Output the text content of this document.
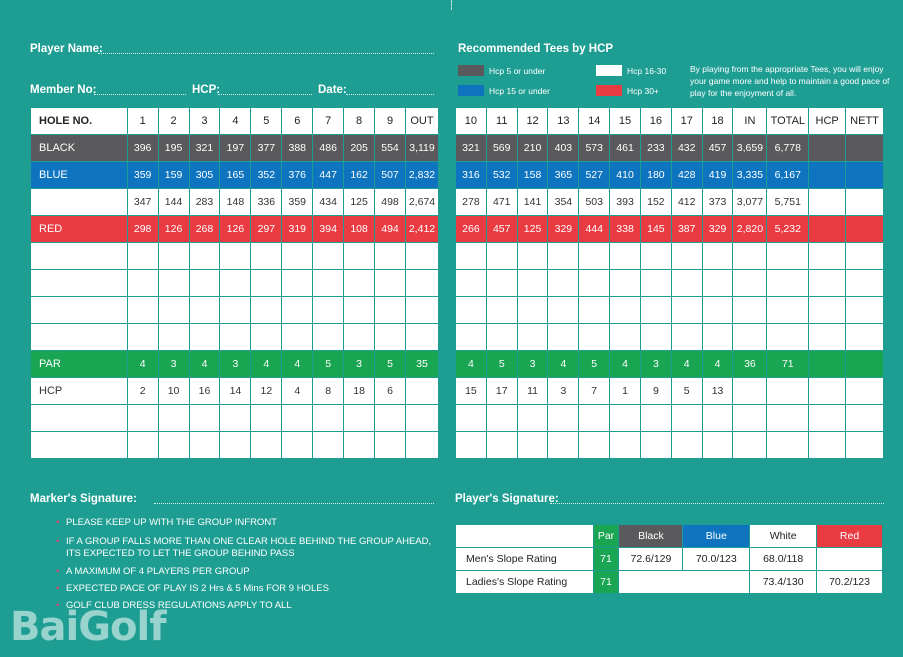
Player Name:
Member No:	HCP:	Date:
Recommended Tees by HCP
Hcp 5 or under	Hcp 16-30
Hcp 15 or under	Hcp 30+
By playing from the appropriate Tees, you will enjoy your game more and help to maintain a good pace of play for the enjoyment of all.
HOLE NO.	1	2	3	4	5	6	7	8	9	OUT
BLACK	396	195	321	197	377	388	486	205	554	3,119
BLUE	359	159	305	165	352	376	447	162	507	2,832
	347	144	283	148	336	359	434	125	498	2,674
RED	298	126	268	126	297	319	394	108	494	2,412

PAR	4	3	4	3	4	4	5	3	5	35
HCP	2	10	16	14	12	4	8	18	6	

10	11	12	13	14	15	16	17	18	IN	TOTAL	HCP	NETT
321	569	210	403	573	461	233	432	457	3,659	6,778		
316	532	158	365	527	410	180	428	419	3,335	6,167		
278	471	141	354	503	393	152	412	373	3,077	5,751		
266	457	125	329	444	338	145	387	329	2,820	5,232		

4	5	3	4	5	4	3	4	4	36	71		
15	17	11	3	7	1	9	5	13				

Marker's Signature:	Player's Signature:
• PLEASE KEEP UP WITH THE GROUP INFRONT
• IF A GROUP FALLS MORE THAN ONE CLEAR HOLE BEHIND THE GROUP AHEAD, ITS EXPECTED TO LET THE GROUP BEHIND PASS
• A MAXIMUM OF 4 PLAYERS PER GROUP
• EXPECTED PACE OF PLAY IS 2 Hrs & 5 Mins FOR 9 HOLES
• GOLF CLUB DRESS REGULATIONS APPLY TO ALL
	Par	Black	Blue	White	Red
Men's Slope Rating	71	72.6/129	70.0/123	68.0/118	
Ladies's Slope Rating	71			73.4/130	70.2/123
BaiGolf
